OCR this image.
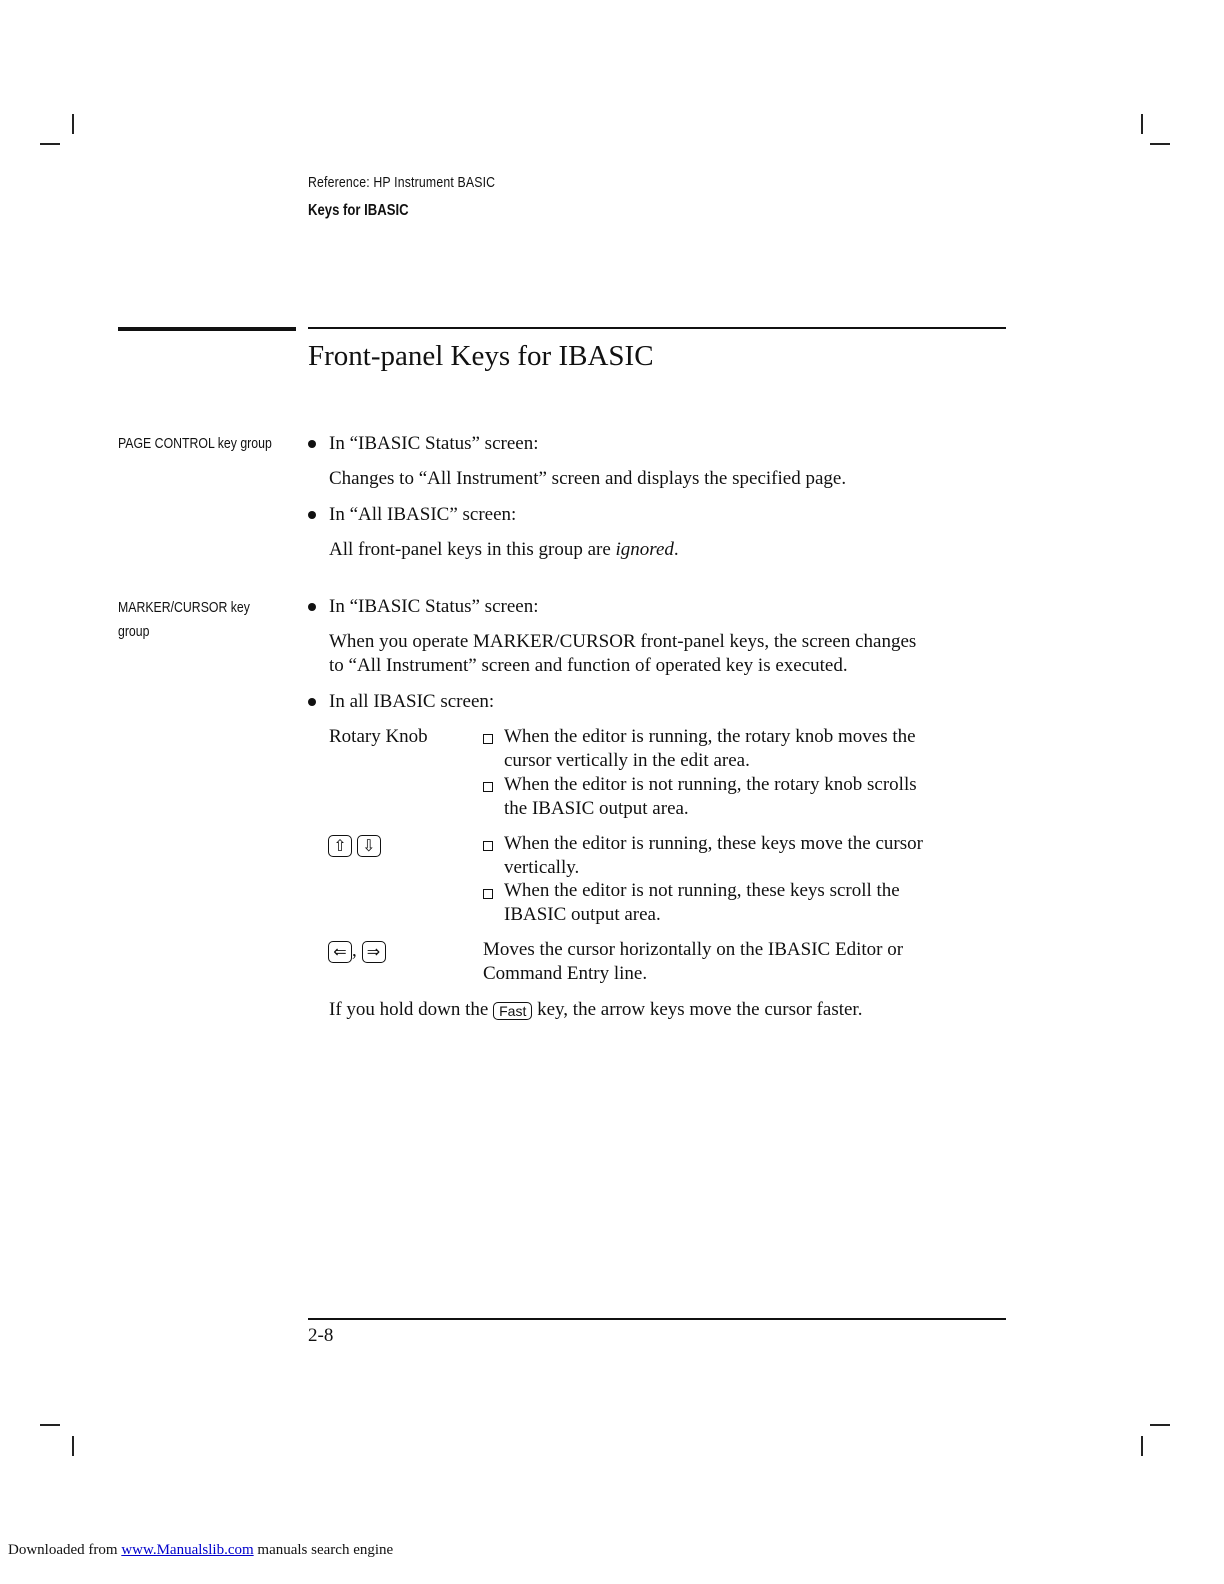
Reference: HP Instrument BASIC
Keys for IBASIC
Front-panel Keys for IBASIC
PAGE CONTROL key group	In “IBASIC Status” screen:
Changes to “All Instrument” screen and displays the specified page.
In “All IBASIC” screen:
All front-panel keys in this group are ignored.
MARKER/CURSOR key
group
In “IBASIC Status” screen:
When you operate MARKER/CURSOR front-panel keys, the screen changes
to “All Instrument” screen and function of operated key is executed.
In all IBASIC screen:
Rotary Knob	When the editor is running, the rotary knob moves the
cursor vertically in the edit area.
When the editor is not running, the rotary knob scrolls
the IBASIC output area.
⇧ ⇩	When the editor is running, these keys move the cursor
vertically.
When the editor is not running, these keys scroll the
IBASIC output area.
⇐ , ⇒	Moves the cursor horizontally on the IBASIC Editor or
Command Entry line.
If you hold down the Fast key, the arrow keys move the cursor faster.
2-8
Downloaded from www.Manualslib.com manuals search engine
